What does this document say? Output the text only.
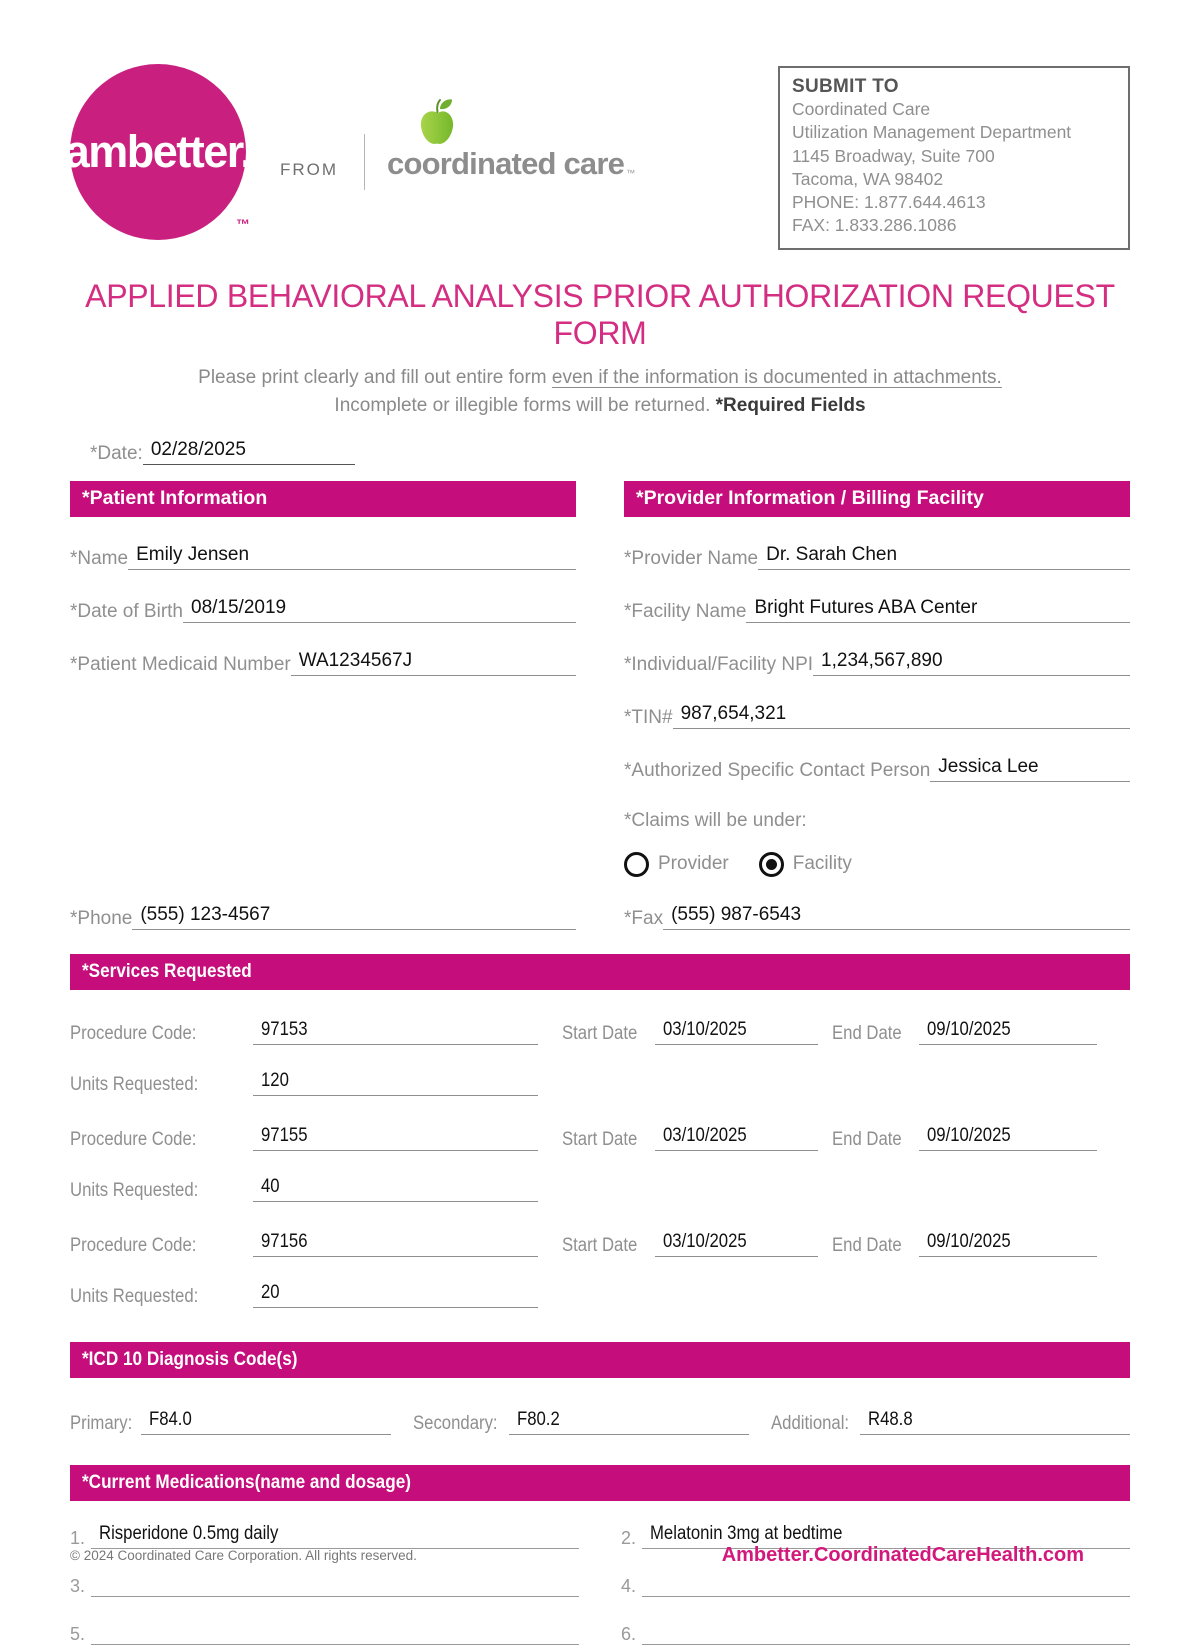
ambetter.
™
FROM coordinated care ™
SUBMIT TO
Coordinated Care
Utilization Management Department
1145 Broadway, Suite 700
Tacoma, WA 98402
PHONE: 1.877.644.4613
FAX: 1.833.286.1086
APPLIED BEHAVIORAL ANALYSIS PRIOR AUTHORIZATION REQUEST FORM
Please print clearly and fill out entire form even if the information is documented in attachments.
Incomplete or illegible forms will be returned. *Required Fields
*Date: 02/28/2025
*Patient Information
*Name Emily Jensen
*Date of Birth 08/15/2019
*Patient Medicaid Number WA1234567J
*Phone (555) 123-4567
*Provider Information / Billing Facility
*Provider Name Dr. Sarah Chen
*Facility Name Bright Futures ABA Center
*Individual/Facility NPI 1,234,567,890
*TIN# 987,654,321
*Authorized Specific Contact Person Jessica Lee
*Claims will be under:
Provider	Facility
*Fax (555) 987-6543
*Services Requested
Procedure Code:	97153	Start Date	03/10/2025	End Date	09/10/2025
Units Requested:	120
Procedure Code:	97155	Start Date	03/10/2025	End Date	09/10/2025
Units Requested:	40
Procedure Code:	97156	Start Date	03/10/2025	End Date	09/10/2025
Units Requested:	20
*ICD 10 Diagnosis Code(s)
Primary: F84.0	Secondary:	F80.2	Additional: R48.8
*Current Medications(name and dosage)
1. Risperidone 0.5mg daily	2. Melatonin 3mg at bedtime
3.	4.
5.	6.
© 2024 Coordinated Care Corporation. All rights reserved.	Ambetter.CoordinatedCareHealth.com
